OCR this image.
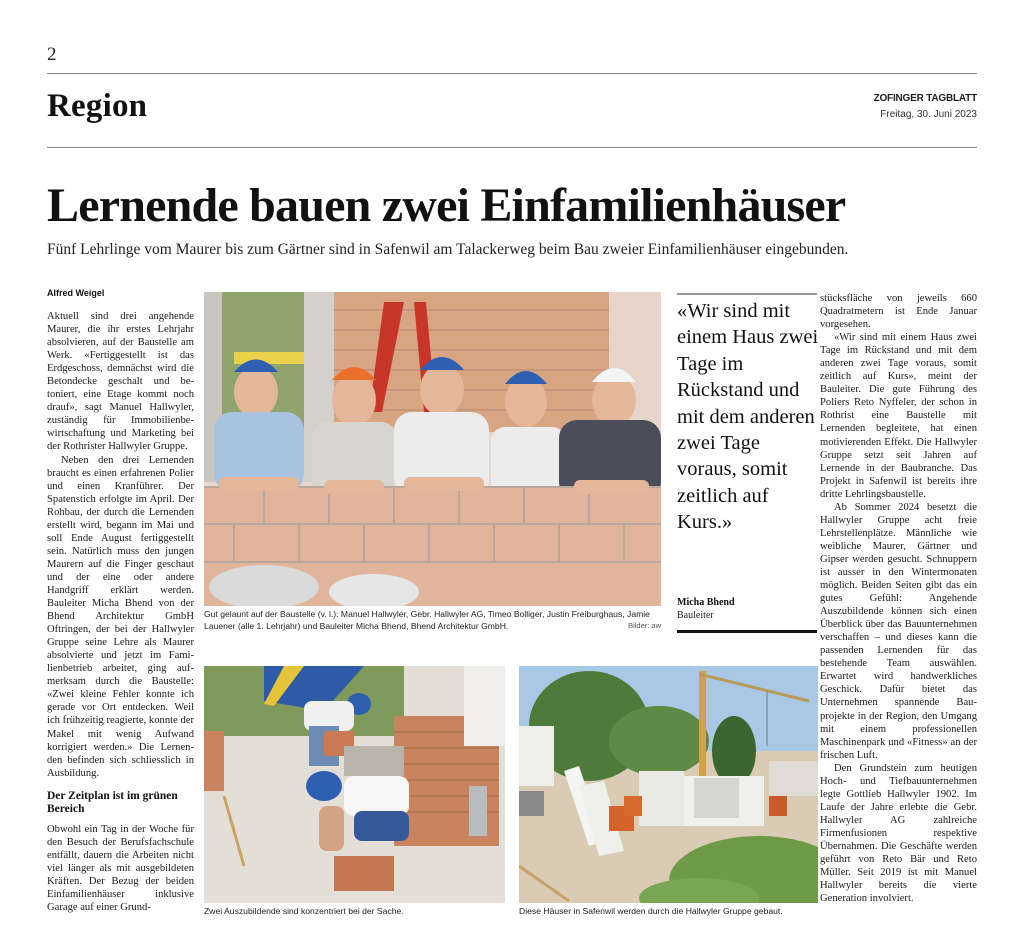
2
Region	ZOFINGER TAGBLATT
Freitag, 30. Juni 2023
Lernende bauen zwei Einfamilienhäuser
Fünf Lehrlinge vom Maurer bis zum Gärtner sind in Safenwil am Talackerweg beim Bau zweier Einfamilienhäuser eingebunden.
Alfred Weigel

Aktuell sind drei angehende Maurer, die ihr erstes Lehrjahr absolvieren, auf der Baustelle am Werk. «Fertiggestellt ist das Erdgeschoss, demnächst wird die Betondecke geschalt und betoniert, eine Etage kommt noch drauf», sagt Manuel Hallwyler, zuständig für Immobilienbewirtschaftung und Marketing bei der Rothrister Hallwyler Gruppe.

Neben den drei Lernenden braucht es einen erfahrenen Polier und einen Kranführer. Der Spatenstich erfolgte im April. Der Rohbau, der durch die Lernenden erstellt wird, begann im Mai und soll Ende August fertiggestellt sein. Natürlich muss den jungen Maurern auf die Finger geschaut und der eine oder andere Handgriff erklärt werden. Bauleiter Micha Bhend von der Bhend Architektur GmbH Oftringen, der bei der Hallwyler Gruppe seine Lehre als Maurer absolvierte und jetzt im Familienbetrieb arbeitet, ging aufmerksam durch die Baustelle: «Zwei kleine Fehler konnte ich gerade vor Ort entdecken. Weil ich frühzeitig reagierte, konnte der Makel mit wenig Aufwand korrigiert werden.» Die Lernenden befinden sich schliesslich in Ausbildung.

Der Zeitplan ist im grünen Bereich

Obwohl ein Tag in der Woche für den Besuch der Berufsfachschule entfällt, dauern die Arbeiten nicht viel länger als mit ausgebildeten Kräften. Der Bezug der beiden Einfamilienhäuser inklusive Garage auf einer Grund-

Gut gelaunt auf der Baustelle (v. l.): Manuel Hallwyler, Gebr. Hallwyler AG, Timeo Bolliger, Justin Freiburghaus, Jamie Lauener (alle 1. Lehrjahr) und Bauleiter Micha Bhend, Bhend Architektur GmbH.	Bilder: aw
«Wir sind mit einem Haus zwei Tage im Rückstand und mit dem anderen zwei Tage voraus, somit zeitlich auf Kurs.»
Micha Bhend
Bauleiter

stücksfläche von jeweils 660 Quadratmetern ist Ende Januar vorgesehen.

«Wir sind mit einem Haus zwei Tage im Rückstand und mit dem anderen zwei Tage voraus, somit zeitlich auf Kurs», meint der Bauleiter. Die gute Führung des Poliers Reto Nyffeler, der schon in Rothrist eine Baustelle mit Lernenden begleitete, hat einen motivierenden Effekt. Die Hallwyler Gruppe setzt seit Jahren auf Lernende in der Baubranche. Das Projekt in Safenwil ist bereits ihre dritte Lehrlingsbaustelle.

Ab Sommer 2024 besetzt die Hallwyler Gruppe acht freie Lehrstellenplätze. Männliche wie weibliche Maurer, Gärtner und Gipser werden gesucht. Schnuppern ist ausser in den Wintermonaten möglich. Beiden Seiten gibt das ein gutes Gefühl: Angehende Auszubildende können sich einen Überblick über das Bauunternehmen verschaffen – und dieses kann die passenden Lernenden für das bestehende Team auswählen. Erwartet wird handwerkliches Geschick. Dafür bietet das Unternehmen spannende Bauprojekte in der Region, den Umgang mit einem professionellen Maschinenpark und «Fitness» an der frischen Luft.

Den Grundstein zum heutigen Hoch- und Tiefbauunternehmen legte Gottlieb Hallwyler 1902. Im Laufe der Jahre erlebte die Gebr. Hallwyler AG zahlreiche Firmenfusionen respektive Übernahmen. Die Geschäfte werden geführt von Reto Bär und Reto Müller. Seit 2019 ist mit Manuel Hallwyler bereits die vierte Generation involviert.

Zwei Auszubildende sind konzentriert bei der Sache.	Diese Häuser in Safenwil werden durch die Hallwyler Gruppe gebaut.
